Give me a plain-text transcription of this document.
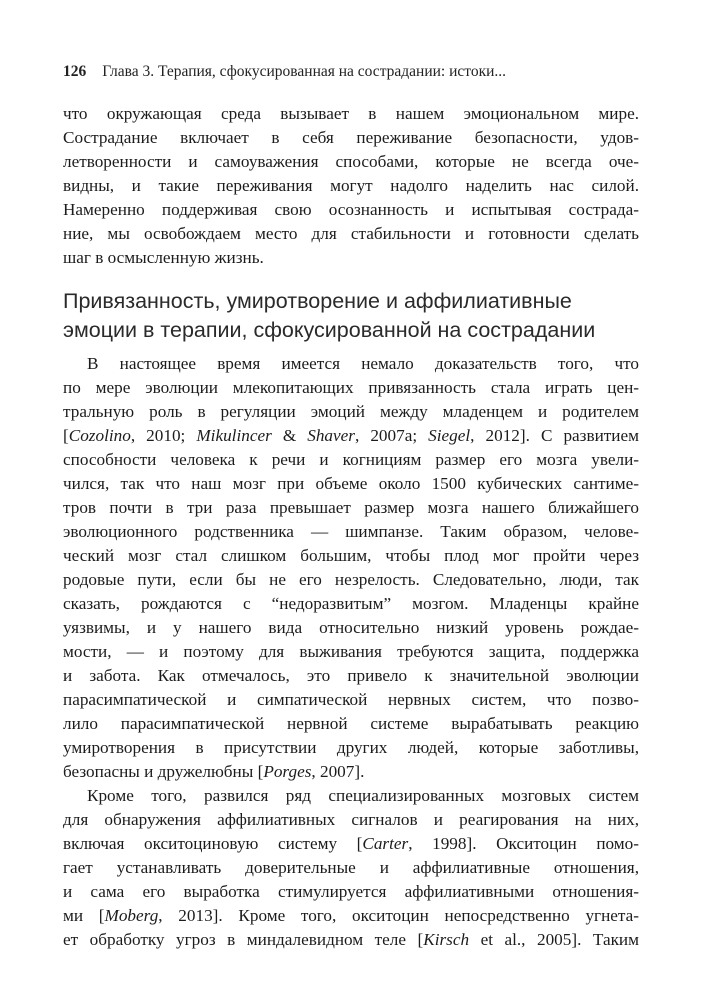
126 Глава 3. Терапия, сфокусированная на сострадании: истоки...
что окружающая среда вызывает в нашем эмоциональном мире.
Сострадание включает в себя переживание безопасности, удов-
летворенности и самоуважения способами, которые не всегда оче-
видны, и такие переживания могут надолго наделить нас силой.
Намеренно поддерживая свою осознанность и испытывая сострада-
ние, мы освобождаем место для стабильности и готовности сделать
шаг в осмысленную жизнь.
Привязанность, умиротворение и аффилиативные
эмоции в терапии, сфокусированной на сострадании
В настоящее время имеется немало доказательств того, что
по мере эволюции млекопитающих привязанность стала играть цен-
тральную роль в регуляции эмоций между младенцем и родителем
[Cozolino, 2010; Mikulincer & Shaver, 2007a; Siegel, 2012]. С развитием
способности человека к речи и когнициям размер его мозга увели-
чился, так что наш мозг при объеме около 1500 кубических сантиме-
тров почти в три раза превышает размер мозга нашего ближайшего
эволюционного родственника — шимпанзе. Таким образом, челове-
ческий мозг стал слишком большим, чтобы плод мог пройти через
родовые пути, если бы не его незрелость. Следовательно, люди, так
сказать, рождаются с “недоразвитым” мозгом. Младенцы крайне
уязвимы, и у нашего вида относительно низкий уровень рождае-
мости, — и поэтому для выживания требуются защита, поддержка
и забота. Как отмечалось, это привело к значительной эволюции
парасимпатической и симпатической нервных систем, что позво-
лило парасимпатической нервной системе вырабатывать реакцию
умиротворения в присутствии других людей, которые заботливы,
безопасны и дружелюбны [Porges, 2007].
Кроме того, развился ряд специализированных мозговых систем
для обнаружения аффилиативных сигналов и реагирования на них,
включая окситоциновую систему [Carter, 1998]. Окситоцин помо-
гает устанавливать доверительные и аффилиативные отношения,
и сама его выработка стимулируется аффилиативными отношения-
ми [Moberg, 2013]. Кроме того, окситоцин непосредственно угнета-
ет обработку угроз в миндалевидном теле [Kirsch et al., 2005]. Таким
